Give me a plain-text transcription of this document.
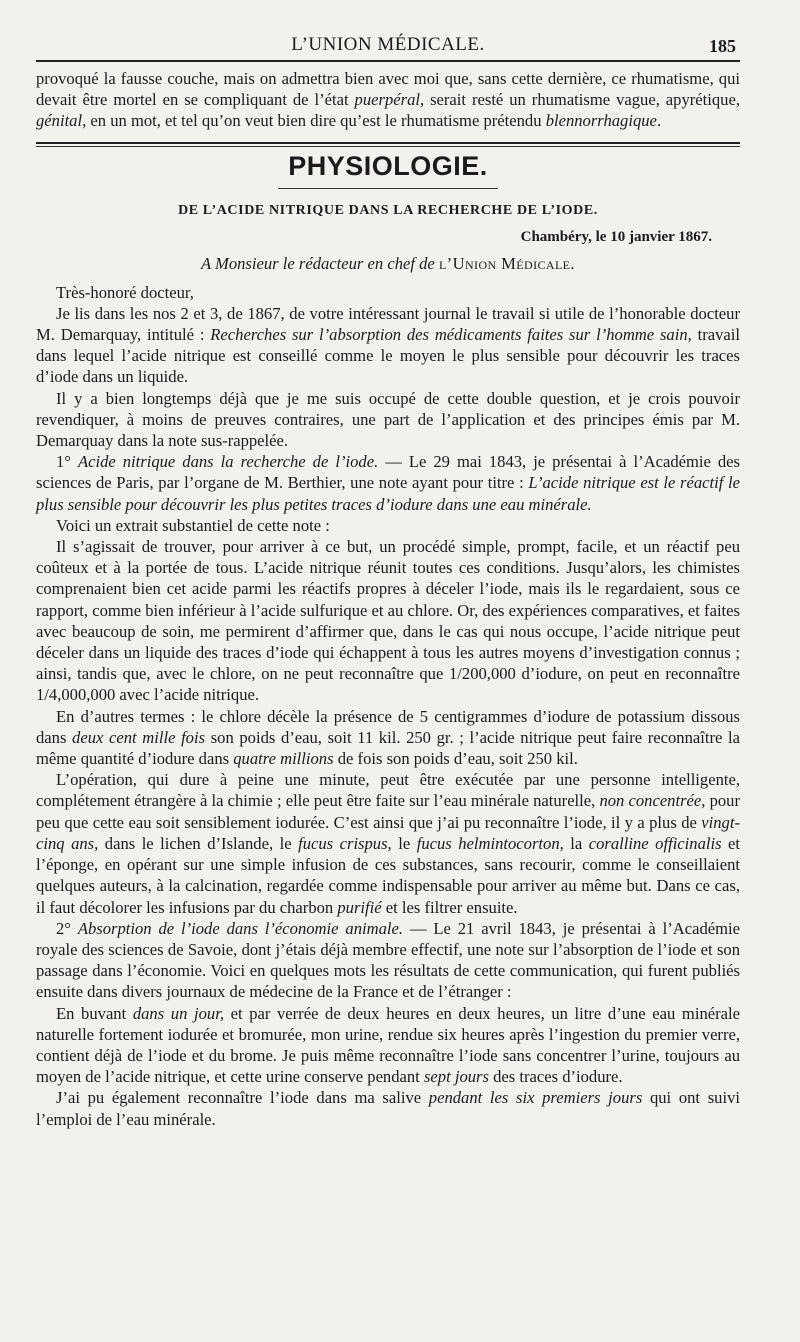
L’UNION MÉDICALE.	185

provoqué la fausse couche, mais on admettra bien avec moi que, sans cette dernière, ce rhumatisme, qui devait être mortel en se compliquant de l’état puerpéral, serait resté un rhumatisme vague, apyrétique, génital, en un mot, et tel qu’on veut bien dire qu’est le rhumatisme prétendu blennorrhagique.

PHYSIOLOGIE.
DE L’ACIDE NITRIQUE DANS LA RECHERCHE DE L’IODE.
Chambéry, le 10 janvier 1867.
A Monsieur le rédacteur en chef de l’Union Médicale.

Très-honoré docteur,

Je lis dans les nos 2 et 3, de 1867, de votre intéressant journal le travail si utile de l’honorable docteur M. Demarquay, intitulé : Recherches sur l’absorption des médicaments faites sur l’homme sain, travail dans lequel l’acide nitrique est conseillé comme le moyen le plus sensible pour découvrir les traces d’iode dans un liquide.

Il y a bien longtemps déjà que je me suis occupé de cette double question, et je crois pouvoir revendiquer, à moins de preuves contraires, une part de l’application et des principes émis par M. Demarquay dans la note sus-rappelée.

1° Acide nitrique dans la recherche de l’iode. — Le 29 mai 1843, je présentai à l’Académie des sciences de Paris, par l’organe de M. Berthier, une note ayant pour titre : L’acide nitrique est le réactif le plus sensible pour découvrir les plus petites traces d’iodure dans une eau minérale.

Voici un extrait substantiel de cette note :

Il s’agissait de trouver, pour arriver à ce but, un procédé simple, prompt, facile, et un réactif peu coûteux et à la portée de tous. L’acide nitrique réunit toutes ces conditions. Jusqu’alors, les chimistes comprenaient bien cet acide parmi les réactifs propres à déceler l’iode, mais ils le regardaient, sous ce rapport, comme bien inférieur à l’acide sulfurique et au chlore. Or, des expériences comparatives, et faites avec beaucoup de soin, me permirent d’affirmer que, dans le cas qui nous occupe, l’acide nitrique peut déceler dans un liquide des traces d’iode qui échappent à tous les autres moyens d’investigation connus ; ainsi, tandis que, avec le chlore, on ne peut reconnaître que 1/200,000 d’iodure, on peut en reconnaître 1/4,000,000 avec l’acide nitrique.

En d’autres termes : le chlore décèle la présence de 5 centigrammes d’iodure de potassium dissous dans deux cent mille fois son poids d’eau, soit 11 kil. 250 gr. ; l’acide nitrique peut faire reconnaître la même quantité d’iodure dans quatre millions de fois son poids d’eau, soit 250 kil.

L’opération, qui dure à peine une minute, peut être exécutée par une personne intelligente, complétement étrangère à la chimie ; elle peut être faite sur l’eau minérale naturelle, non concentrée, pour peu que cette eau soit sensiblement iodurée. C’est ainsi que j’ai pu reconnaître l’iode, il y a plus de vingt-cinq ans, dans le lichen d’Islande, le fucus crispus, le fucus helmintocorton, la coralline officinalis et l’éponge, en opérant sur une simple infusion de ces substances, sans recourir, comme le conseillaient quelques auteurs, à la calcination, regardée comme indispensable pour arriver au même but. Dans ce cas, il faut décolorer les infusions par du charbon purifié et les filtrer ensuite.

2° Absorption de l’iode dans l’économie animale. — Le 21 avril 1843, je présentai à l’Académie royale des sciences de Savoie, dont j’étais déjà membre effectif, une note sur l’absorption de l’iode et son passage dans l’économie. Voici en quelques mots les résultats de cette communication, qui furent publiés ensuite dans divers journaux de médecine de la France et de l’étranger :

En buvant dans un jour, et par verrée de deux heures en deux heures, un litre d’une eau minérale naturelle fortement iodurée et bromurée, mon urine, rendue six heures après l’ingestion du premier verre, contient déjà de l’iode et du brome. Je puis même reconnaître l’iode sans concentrer l’urine, toujours au moyen de l’acide nitrique, et cette urine conserve pendant sept jours des traces d’iodure.

J’ai pu également reconnaître l’iode dans ma salive pendant les six premiers jours qui ont suivi l’emploi de l’eau minérale.
